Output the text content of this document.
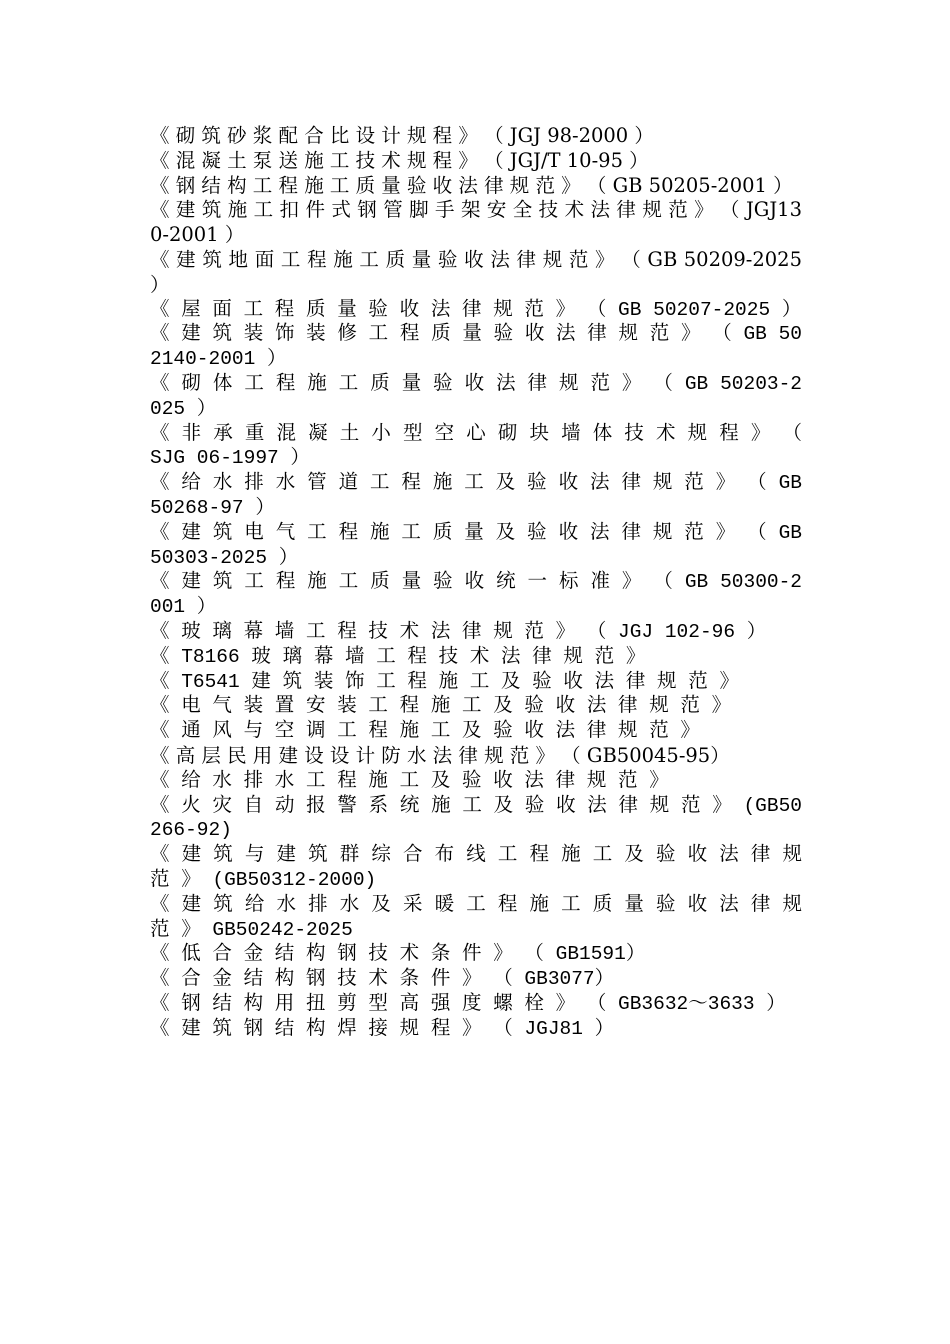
《 砌 筑 砂 浆 配 合 比 设 计 规 程 》 （ JGJ 98-2000 ）

《 混 凝 土 泵 送 施 工 技 术 规 程 》 （ JGJ/T 10-95 ）

《 钢 结 构 工 程 施 工 质 量 验 收 法 律 规 范 》 （ GB 50205-2001 ）

《 建 筑 施 工 扣 件 式 钢 管 脚 手 架 安 全 技 术 法 律 规 范 》 （ JGJ130-2001 ）

《 建 筑 地 面 工 程 施 工 质 量 验 收 法 律 规 范 》 （ GB 50209-2025 ）

《 屋 面 工 程 质 量 验 收 法 律 规 范 》 （ GB 50207-2025 ）

《 建 筑 装 饰 装 修 工 程 质 量 验 收 法 律 规 范 》 （ GB 502140-2001 ）

《 砌 体 工 程 施 工 质 量 验 收 法 律 规 范 》 （ GB 50203-2025 ）

《 非 承 重 混 凝 土 小 型 空 心 砌 块 墙 体 技 术 规 程 》 （ SJG 06-1997 ）

《 给 水 排 水 管 道 工 程 施 工 及 验 收 法 律 规 范 》 （ GB 50268-97 ）

《 建 筑 电 气 工 程 施 工 质 量 及 验 收 法 律 规 范 》 （ GB 50303-2025 ）

《 建 筑 工 程 施 工 质 量 验 收 统 一 标 准 》 （ GB 50300-2001 ）

《 玻 璃 幕 墙 工 程 技 术 法 律 规 范 》 （ JGJ 102-96 ）

《 T8166 玻 璃 幕 墙 工 程 技 术 法 律 规 范 》

《 T6541 建 筑 装 饰 工 程 施 工 及 验 收 法 律 规 范 》

《 电 气 装 置 安 装 工 程 施 工 及 验 收 法 律 规 范 》

《 通 风 与 空 调 工 程 施 工 及 验 收 法 律 规 范 》

《 高 层 民 用 建 设 设 计 防 水 法 律 规 范 》 （ GB50045-95）

《 给 水 排 水 工 程 施 工 及 验 收 法 律 规 范 》

《 火 灾 自 动 报 警 系 统 施 工 及 验 收 法 律 规 范 》 (GB50266-92)

《 建 筑 与 建 筑 群 综 合 布 线 工 程 施 工 及 验 收 法 律 规 范 》 (GB50312-2000)

《 建 筑 给 水 排 水 及 采 暖 工 程 施 工 质 量 验 收 法 律 规 范 》 GB50242-2025

《 低 合 金 结 构 钢 技 术 条 件 》 （ GB1591）

《 合 金 结 构 钢 技 术 条 件 》 （ GB3077）

《 钢 结 构 用 扭 剪 型 高 强 度 螺 栓 》 （ GB3632～3633 ）

《 建 筑 钢 结 构 焊 接 规 程 》 （ JGJ81 ）
